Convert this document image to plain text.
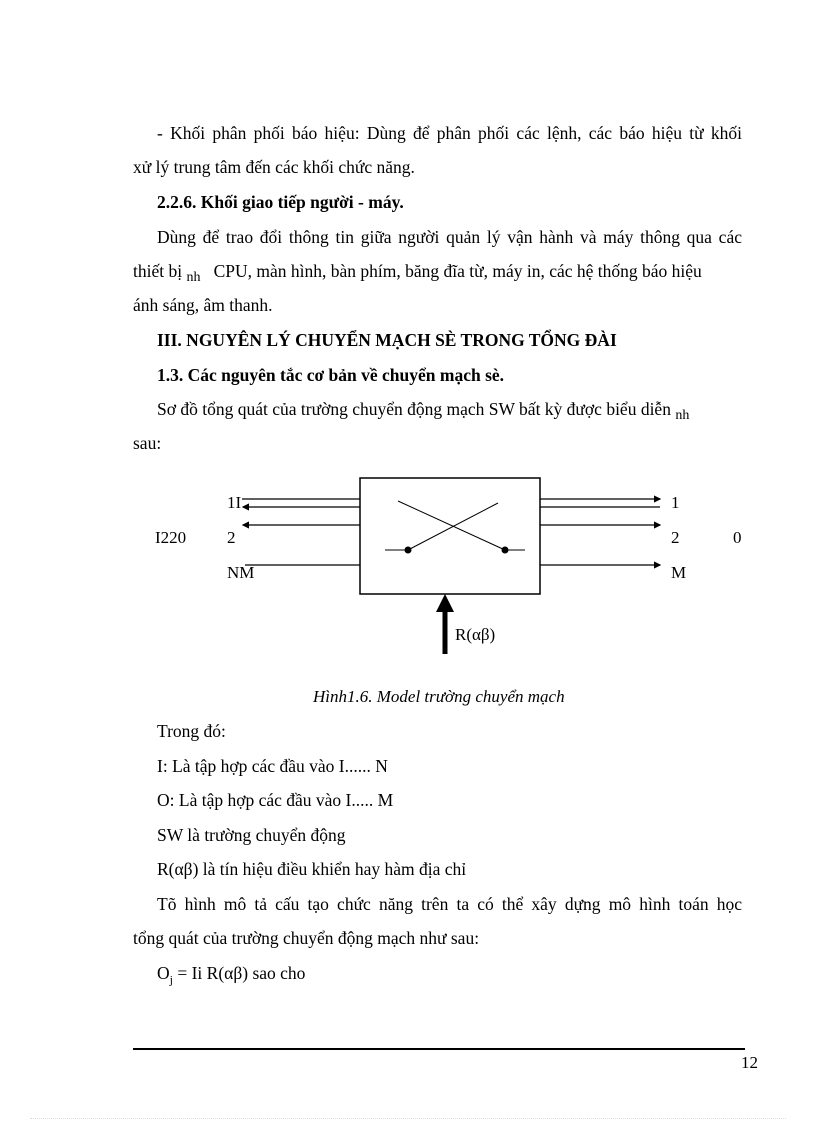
- Khối phân phối báo hiệu: Dùng để phân phối các lệnh, các báo hiệu từ khối
xử lý trung tâm đến các khối chức năng.
2.2.6. Khối giao tiếp người - máy.
Dùng để trao đổi thông tin giữa người quản lý vận hành và máy thông qua các
thiết bị $_{nh}$ CPU, màn hình, bàn phím, băng đĩa từ, máy in, các hệ thống báo hiệu
ánh sáng, âm thanh.
III. NGUYÊN LÝ CHUYỂN MẠCH SÈ TRONG TỔNG ĐÀI
1.3. Các nguyên tắc cơ bản về chuyển mạch sè.
Sơ đồ tổng quát của trường chuyển động mạch SW bất kỳ được biểu diễn $_{nh}$
sau:
I220
1I
2
NM
1
2
M
0
R(αβ)
Hình1.6. Model trường chuyển mạch
Trong đó:
I: Là tập hợp các đầu vào I...... N
O: Là tập hợp các đầu vào I..... M
SW là trường chuyển động
R(αβ) là tín hiệu điều khiển hay hàm địa chỉ
Tõ hình mô tả cấu tạo chức năng trên ta có thể xây dựng mô hình toán học
tổng quát của trường chuyển động mạch như sau:
$O_j = Ii$ R(αβ) sao cho
12
